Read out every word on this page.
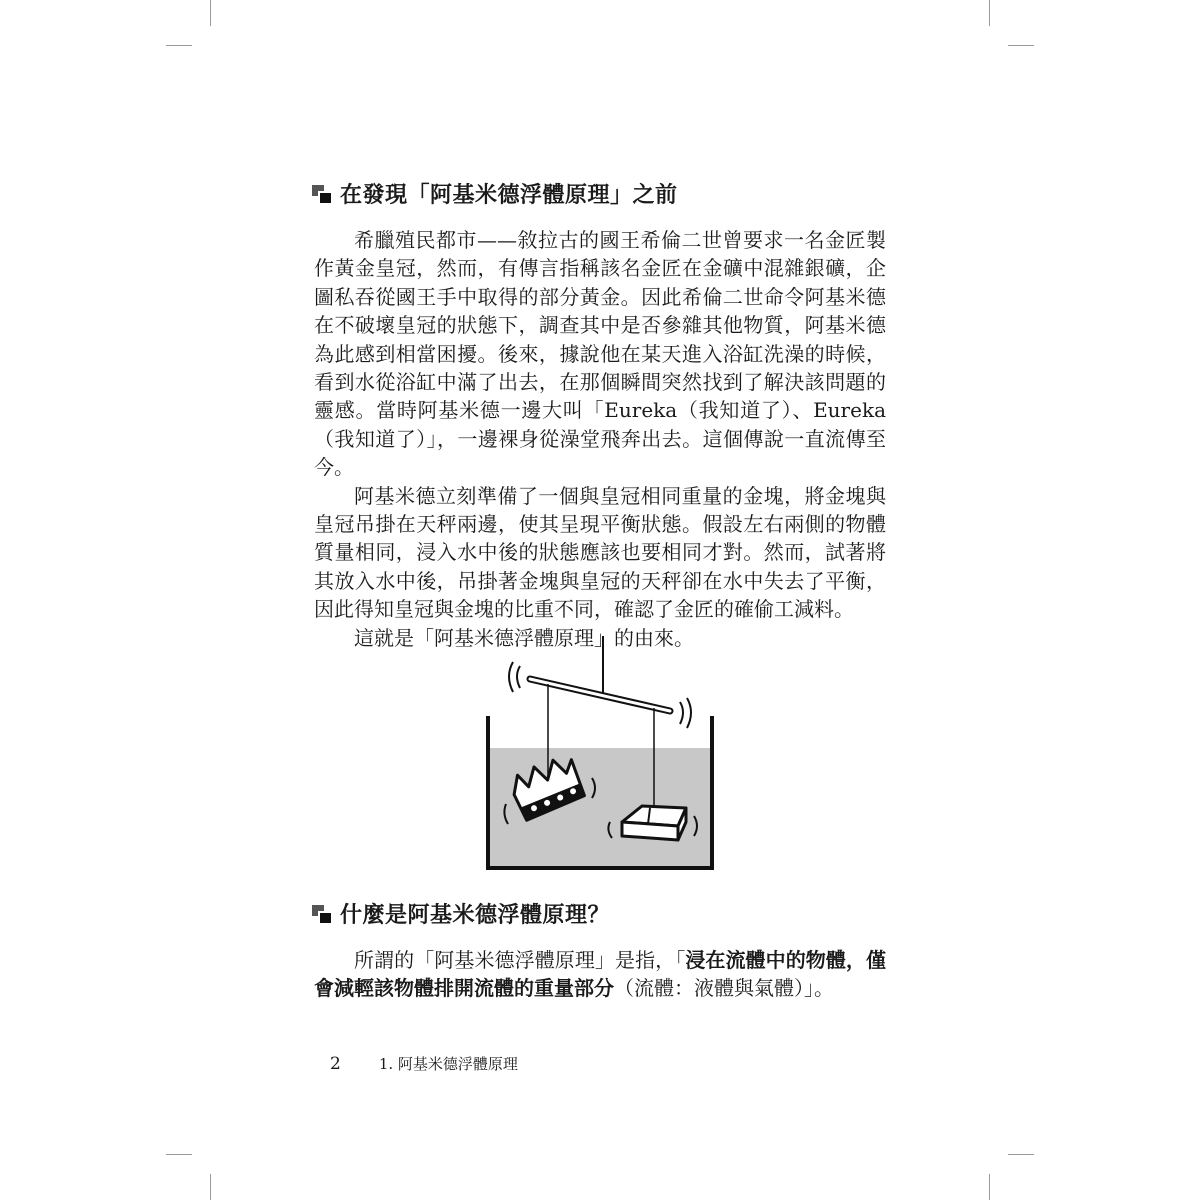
在發現「阿基米德浮體原理」之前

希臘殖民都市——敘拉古的國王希倫二世曾要求一名金匠製作黃金皇冠，然而，有傳言指稱該名金匠在金礦中混雜銀礦，企圖私吞從國王手中取得的部分黃金。因此希倫二世命令阿基米德在不破壞皇冠的狀態下，調查其中是否參雜其他物質，阿基米德為此感到相當困擾。後來，據說他在某天進入浴缸洗澡的時候，看到水從浴缸中滿了出去，在那個瞬間突然找到了解決該問題的靈感。當時阿基米德一邊大叫「Eureka（我知道了）、Eureka（我知道了）」，一邊裸身從澡堂飛奔出去。這個傳說一直流傳至今。

阿基米德立刻準備了一個與皇冠相同重量的金塊，將金塊與皇冠吊掛在天秤兩邊，使其呈現平衡狀態。假設左右兩側的物體質量相同，浸入水中後的狀態應該也要相同才對。然而，試著將其放入水中後，吊掛著金塊與皇冠的天秤卻在水中失去了平衡，因此得知皇冠與金塊的比重不同，確認了金匠的確偷工減料。

這就是「阿基米德浮體原理」的由來。

什麼是阿基米德浮體原理？

所謂的「阿基米德浮體原理」是指，「浸在流體中的物體，僅會減輕該物體排開流體的重量部分（流體：液體與氣體）」。

2	1. 阿基米德浮體原理
